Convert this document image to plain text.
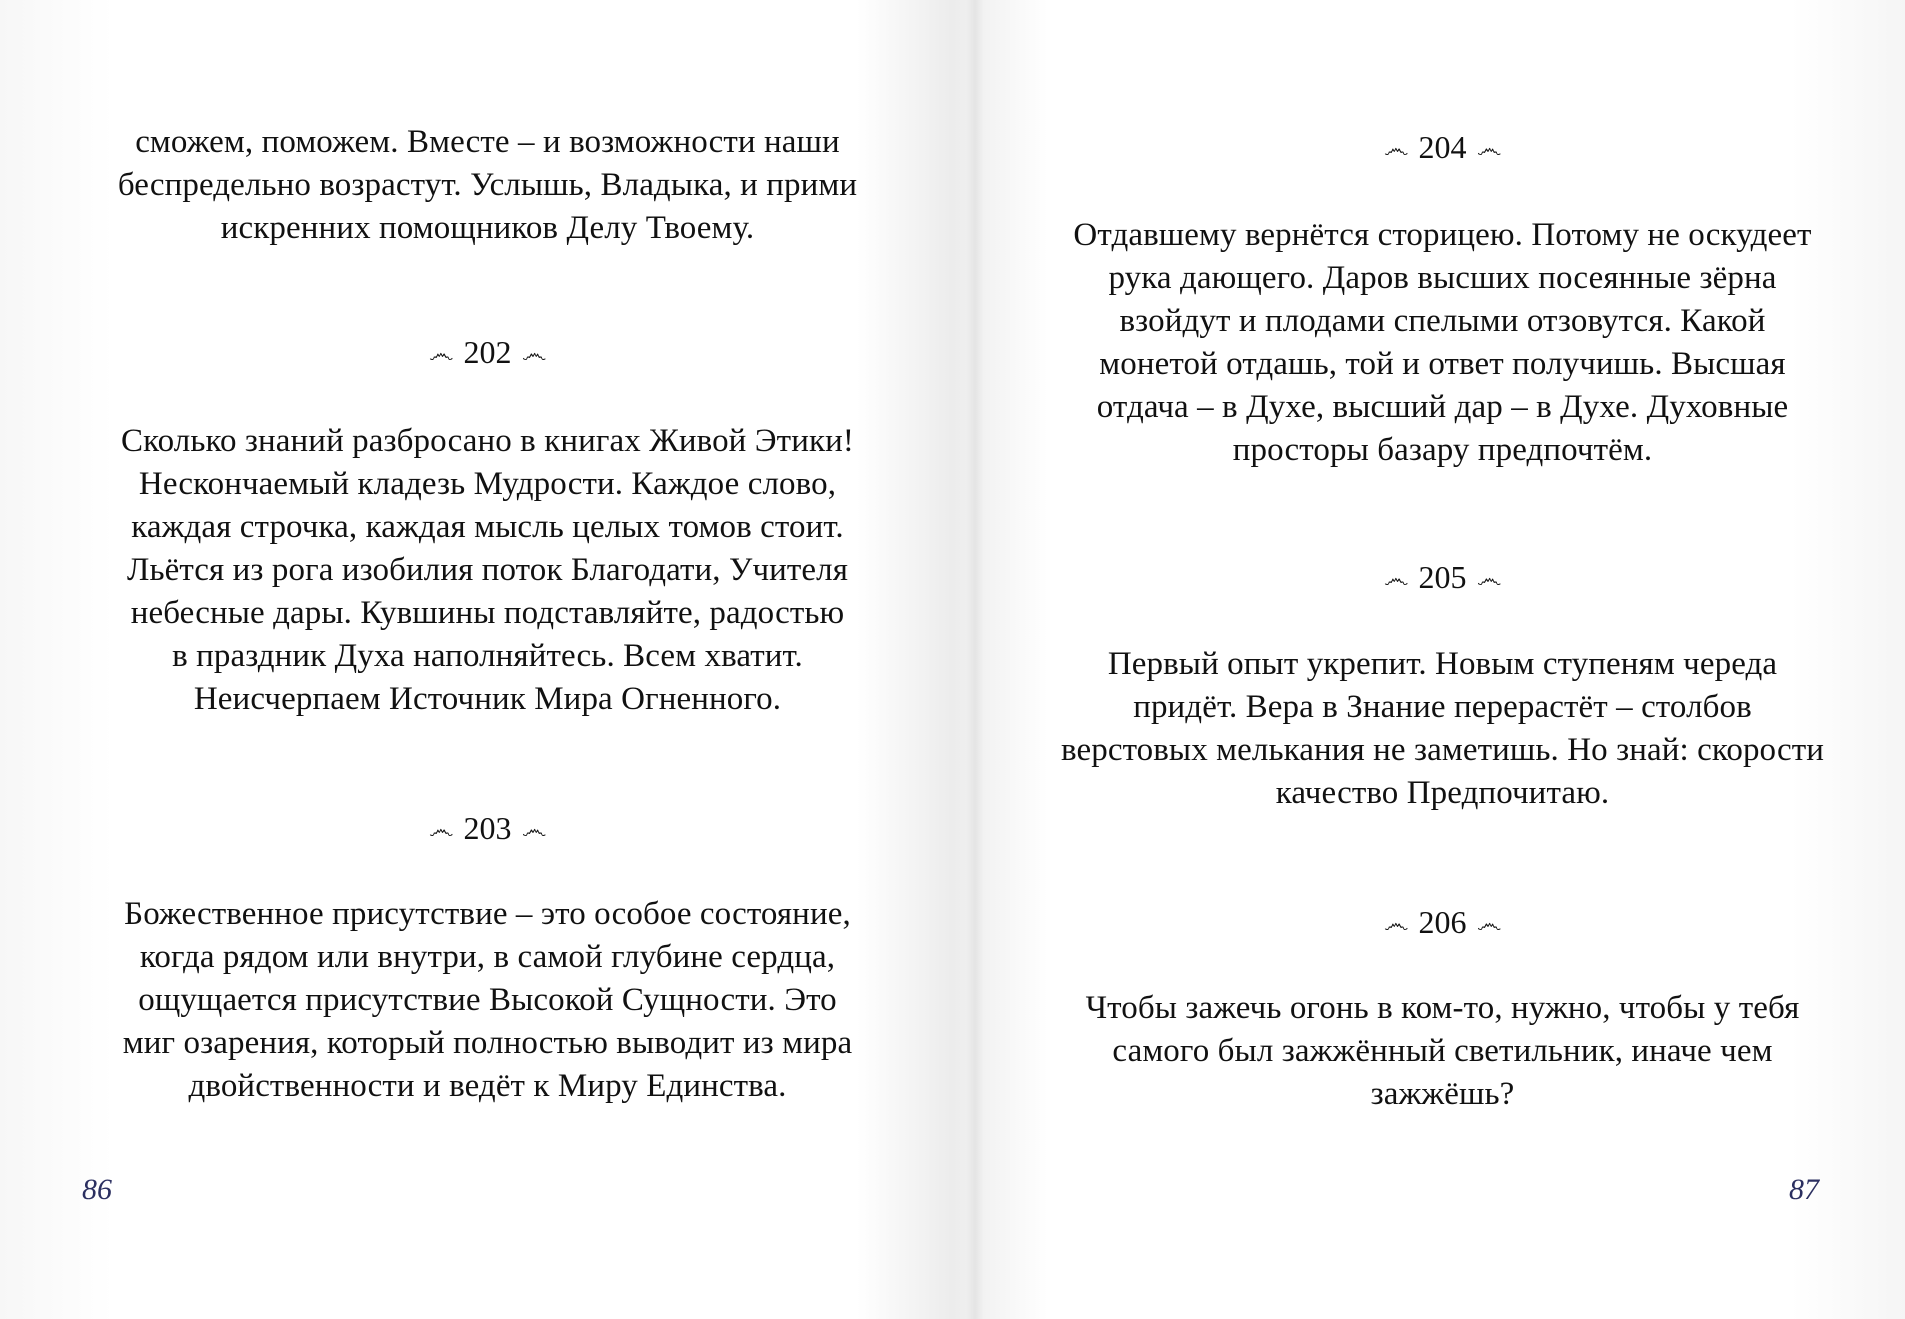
сможем, поможем. Вместе – и возможности наши
беспредельно возрастут. Услышь, Владыка, и прими
искренних помощников Делу Твоему.
෴ 202 ෴
Сколько знаний разбросано в книгах Живой Этики!
Нескончаемый кладезь Мудрости. Каждое слово,
каждая строчка, каждая мысль целых томов стоит.
Льётся из рога изобилия поток Благодати, Учителя
небесные дары. Кувшины подставляйте, радостью
в праздник Духа наполняйтесь. Всем хватит.
Неисчерпаем Источник Мира Огненного.
෴ 203 ෴
Божественное присутствие – это особое состояние,
когда рядом или внутри, в самой глубине сердца,
ощущается присутствие Высокой Сущности. Это
миг озарения, который полностью выводит из мира
двойственности и ведёт к Миру Единства.
86
෴ 204 ෴
Отдавшему вернётся сторицею. Потому не оскудеет
рука дающего. Даров высших посеянные зёрна
взойдут и плодами спелыми отзовутся. Какой
монетой отдашь, той и ответ получишь. Высшая
отдача – в Духе, высший дар – в Духе. Духовные
просторы базару предпочтём.
෴ 205 ෴
Первый опыт укрепит. Новым ступеням череда
придёт. Вера в Знание перерастёт – столбов
верстовых мелькания не заметишь. Но знай: скорости
качество Предпочитаю.
෴ 206 ෴
Чтобы зажечь огонь в ком-то, нужно, чтобы у тебя
самого был зажжённый светильник, иначе чем
зажжёшь?
87
